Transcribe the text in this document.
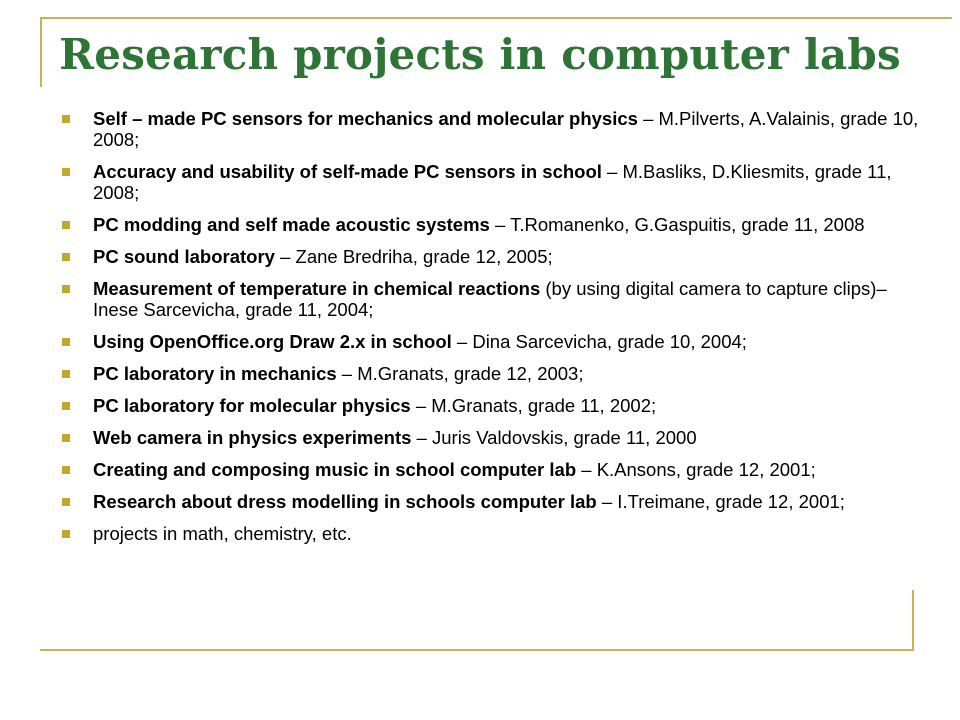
Research projects in computer labs
Self – made PC sensors for mechanics and molecular physics – M.Pilverts, A.Valainis, grade 10, 2008;
Accuracy and usability of self-made PC sensors in school – M.Basliks, D.Kliesmits, grade 11, 2008;
PC modding and self made acoustic systems – T.Romanenko, G.Gaspuitis, grade 11, 2008
PC sound laboratory – Zane Bredriha, grade 12, 2005;
Measurement of temperature in chemical reactions (by using digital camera to capture clips)– Inese Sarcevicha, grade 11, 2004;
Using OpenOffice.org Draw 2.x in school – Dina Sarcevicha, grade 10, 2004;
PC laboratory in mechanics – M.Granats, grade 12, 2003;
PC laboratory for molecular physics – M.Granats, grade 11, 2002;
Web camera in physics experiments – Juris Valdovskis, grade 11, 2000
Creating and composing music in school computer lab – K.Ansons, grade 12, 2001;
Research about dress modelling in schools computer lab – I.Treimane, grade 12, 2001;
projects in math, chemistry, etc.
